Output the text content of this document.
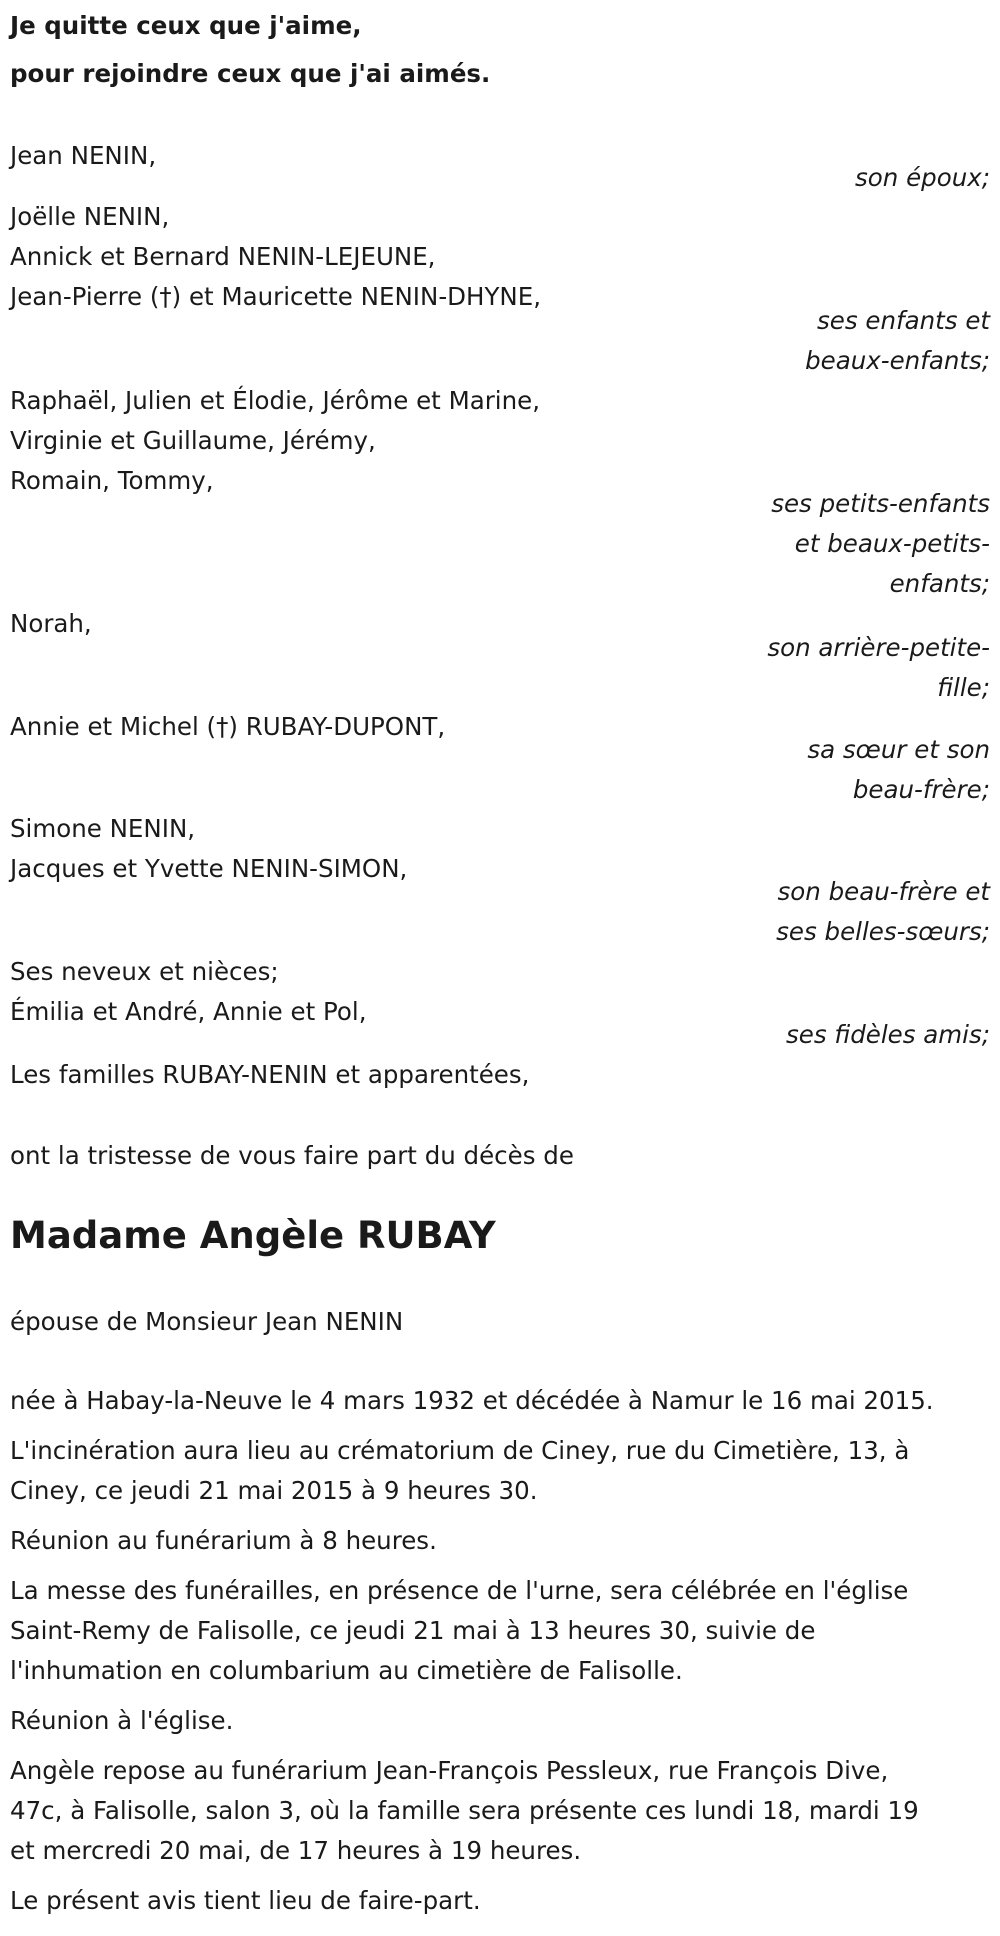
Je quitte ceux que j'aime,
pour rejoindre ceux que j'ai aimés.
Jean NENIN,
son époux;
Joëlle NENIN,
Annick et Bernard NENIN-LEJEUNE,
Jean-Pierre (†) et Mauricette NENIN-DHYNE,
ses enfants et
beaux-enfants;
Raphaël, Julien et Élodie, Jérôme et Marine,
Virginie et Guillaume, Jérémy,
Romain, Tommy,
ses petits-enfants
et beaux-petits-
enfants;
Norah,
son arrière-petite-
fille;
Annie et Michel (†) RUBAY-DUPONT,
sa sœur et son
beau-frère;
Simone NENIN,
Jacques et Yvette NENIN-SIMON,
son beau-frère et
ses belles-sœurs;
Ses neveux et nièces;
Émilia et André, Annie et Pol,
ses fidèles amis;
Les familles RUBAY-NENIN et apparentées,
ont la tristesse de vous faire part du décès de
Madame Angèle RUBAY
épouse de Monsieur Jean NENIN
née à Habay-la-Neuve le 4 mars 1932 et décédée à Namur le 16 mai 2015.
L'incinération aura lieu au crématorium de Ciney, rue du Cimetière, 13, à
Ciney, ce jeudi 21 mai 2015 à 9 heures 30.
Réunion au funérarium à 8 heures.
La messe des funérailles, en présence de l'urne, sera célébrée en l'église
Saint-Remy de Falisolle, ce jeudi 21 mai à 13 heures 30, suivie de
l'inhumation en columbarium au cimetière de Falisolle.
Réunion à l'église.
Angèle repose au funérarium Jean-François Pessleux, rue François Dive,
47c, à Falisolle, salon 3, où la famille sera présente ces lundi 18, mardi 19
et mercredi 20 mai, de 17 heures à 19 heures.
Le présent avis tient lieu de faire-part.
